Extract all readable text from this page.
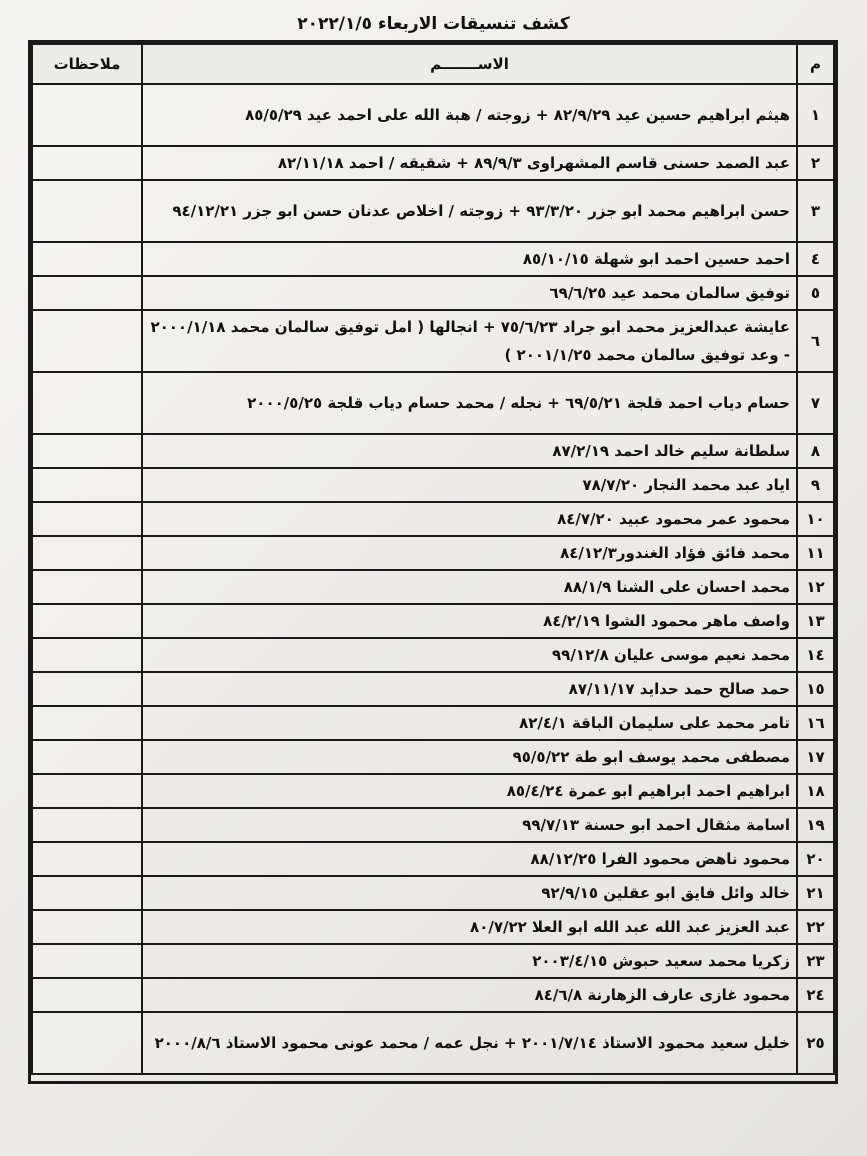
كشف تنسيقات الاربعاء ٢٠٢٢/١/٥
م	الاســـــــم	ملاحظات
١	هيثم ابراهيم حسين عيد ٨٢/٩/٢٩ + زوجته / هبة الله على احمد عيد ٨٥/٥/٢٩	
٢	عبد الصمد حسنى قاسم المشهراوى ٨٩/٩/٣ + شقيقه / احمد ٨٢/١١/١٨	
٣	حسن ابراهيم محمد ابو جزر ٩٣/٣/٢٠ + زوجته / اخلاص عدنان حسن ابو جزر ٩٤/١٢/٢١	
٤	احمد حسين احمد ابو شهلة ٨٥/١٠/١٥	
٥	توفيق سالمان محمد عيد ٦٩/٦/٢٥	
٦	عايشة عبدالعزيز محمد ابو جراد ٧٥/٦/٢٣ + انجالها ( امل توفيق سالمان محمد ٢٠٠٠/١/١٨ - وعد توفيق سالمان محمد ٢٠٠١/١/٢٥ )	
٧	حسام دياب احمد قلجة ٦٩/٥/٢١ + نجله / محمد حسام دياب قلجة ٢٠٠٠/٥/٢٥	
٨	سلطانة سليم خالد احمد ٨٧/٢/١٩	
٩	اياد عبد محمد النجار ٧٨/٧/٢٠	
١٠	محمود عمر محمود عبيد ٨٤/٧/٢٠	
١١	محمد فائق فؤاد الغندور٨٤/١٢/٣	
١٢	محمد احسان على الشنا ٨٨/١/٩	
١٣	واصف ماهر محمود الشوا ٨٤/٢/١٩	
١٤	محمد نعيم موسى عليان ٩٩/١٢/٨	
١٥	حمد صالح حمد حدايد ٨٧/١١/١٧	
١٦	تامر محمد على سليمان الباقة ٨٢/٤/١	
١٧	مصطفى محمد يوسف ابو طة ٩٥/٥/٢٢	
١٨	ابراهيم احمد ابراهيم ابو عمرة ٨٥/٤/٢٤	
١٩	اسامة مثقال احمد ابو حسنة ٩٩/٧/١٣	
٢٠	محمود ناهض محمود الفرا ٨٨/١٢/٢٥	
٢١	خالد وائل فايق ابو عقلين ٩٢/٩/١٥	
٢٢	عبد العزيز عبد الله عبد الله ابو العلا ٨٠/٧/٢٢	
٢٣	زكريا محمد سعيد حبوش ٢٠٠٣/٤/١٥	
٢٤	محمود غازى عارف الزهارنة ٨٤/٦/٨	
٢٥	خليل سعيد محمود الاستاذ ٢٠٠١/٧/١٤ + نجل عمه / محمد عونى محمود الاستاذ ٢٠٠٠/٨/٦	
